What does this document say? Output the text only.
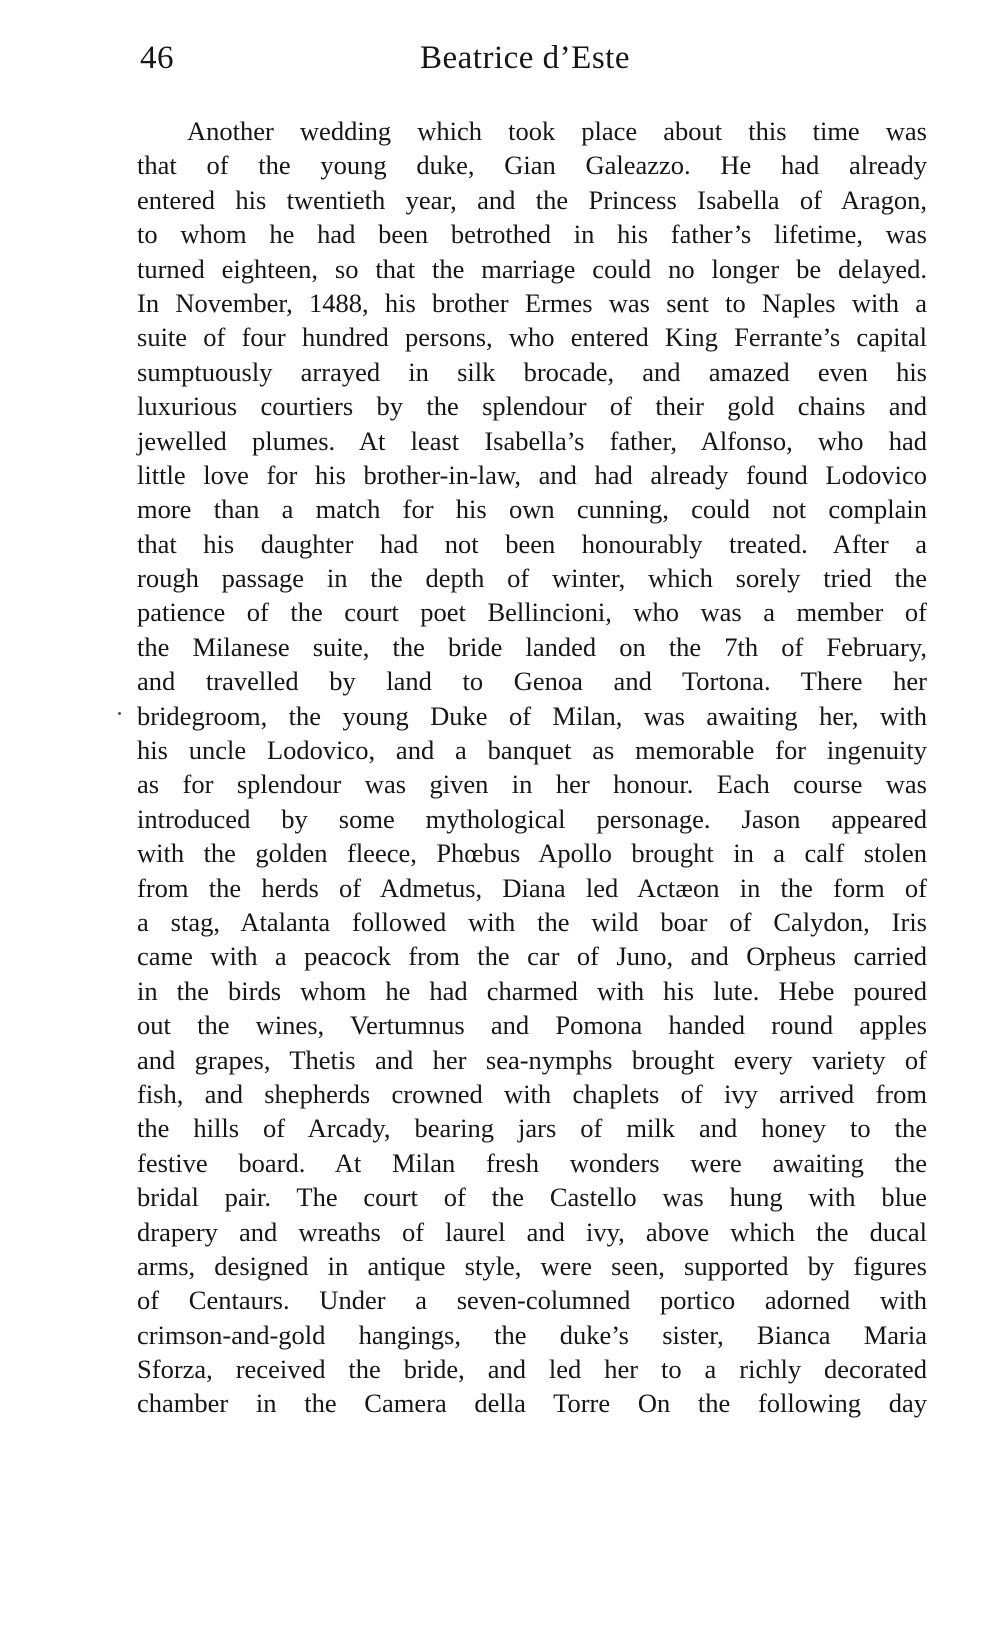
46	Beatrice d’Este
Another wedding which took place about this time was
that of the young duke, Gian Galeazzo. He had already
entered his twentieth year, and the Princess Isabella of Aragon,
to whom he had been betrothed in his father’s lifetime, was
turned eighteen, so that the marriage could no longer be delayed.
In November, 1488, his brother Ermes was sent to Naples with a
suite of four hundred persons, who entered King Ferrante’s capital
sumptuously arrayed in silk brocade, and amazed even his
luxurious courtiers by the splendour of their gold chains and
jewelled plumes. At least Isabella’s father, Alfonso, who had
little love for his brother-in-law, and had already found Lodovico
more than a match for his own cunning, could not complain
that his daughter had not been honourably treated. After a
rough passage in the depth of winter, which sorely tried the
patience of the court poet Bellincioni, who was a member of
the Milanese suite, the bride landed on the 7th of February,
and travelled by land to Genoa and Tortona. There her
bridegroom, the young Duke of Milan, was awaiting her, with
his uncle Lodovico, and a banquet as memorable for ingenuity
as for splendour was given in her honour. Each course was
introduced by some mythological personage. Jason appeared
with the golden fleece, Phœbus Apollo brought in a calf stolen
from the herds of Admetus, Diana led Actæon in the form of
a stag, Atalanta followed with the wild boar of Calydon, Iris
came with a peacock from the car of Juno, and Orpheus carried
in the birds whom he had charmed with his lute. Hebe poured
out the wines, Vertumnus and Pomona handed round apples
and grapes, Thetis and her sea-nymphs brought every variety of
fish, and shepherds crowned with chaplets of ivy arrived from
the hills of Arcady, bearing jars of milk and honey to the
festive board. At Milan fresh wonders were awaiting the
bridal pair. The court of the Castello was hung with blue
drapery and wreaths of laurel and ivy, above which the ducal
arms, designed in antique style, were seen, supported by figures
of Centaurs. Under a seven-columned portico adorned with
crimson-and-gold hangings, the duke’s sister, Bianca Maria
Sforza, received the bride, and led her to a richly decorated
chamber in the Camera della Torre On the following day
